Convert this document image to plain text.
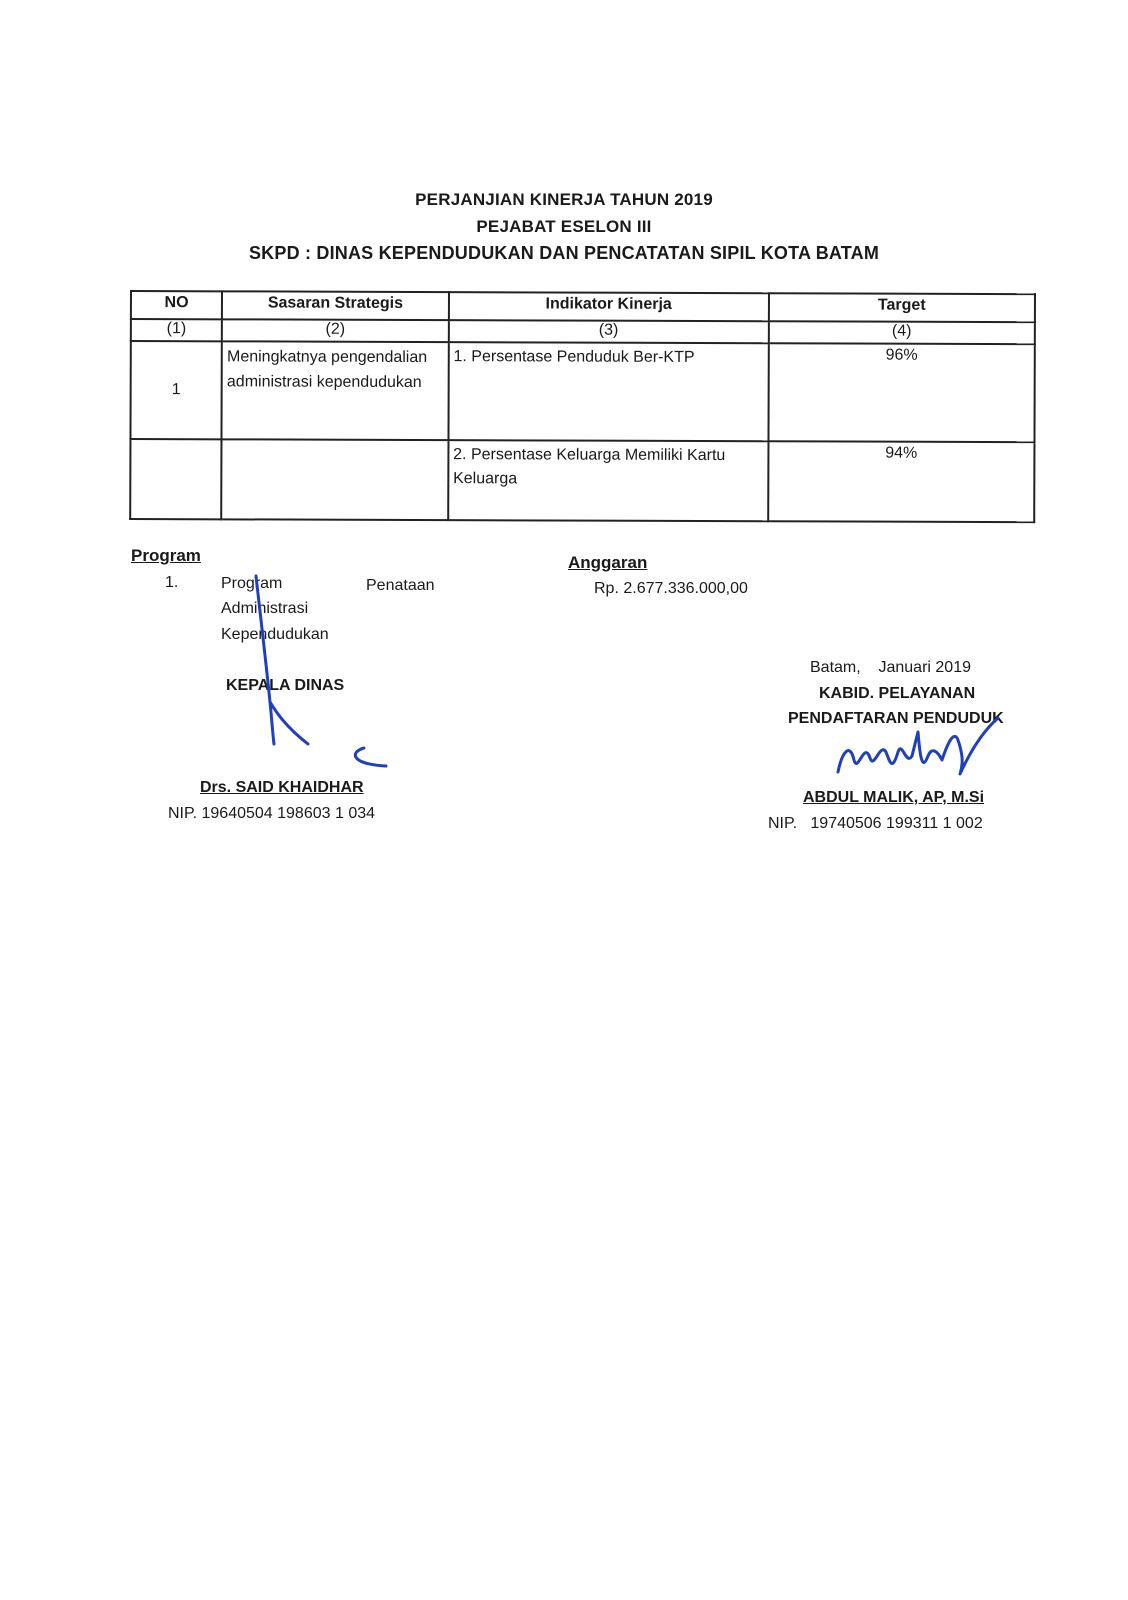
PERJANJIAN KINERJA TAHUN 2019
PEJABAT ESELON III
SKPD : DINAS KEPENDUDUKAN DAN PENCATATAN SIPIL KOTA BATAM
NO	Sasaran Strategis	Indikator Kinerja	Target
(1)	(2)	(3)	(4)
1	Meningkatnya pengendalian administrasi kependudukan	1. Persentase Penduduk Ber-KTP	96%
		2. Persentase Keluarga Memiliki Kartu Keluarga	94%
Program
1.	Program	Penataan
Administrasi
Kependudukan
Anggaran
Rp. 2.677.336.000,00
KEPALA DINAS
Drs. SAID KHAIDHAR
NIP. 19640504 198603 1 034
Batam,    Januari 2019
KABID. PELAYANAN
PENDAFTARAN PENDUDUK
ABDUL MALIK, AP, M.Si
NIP.   19740506 199311 1 002
